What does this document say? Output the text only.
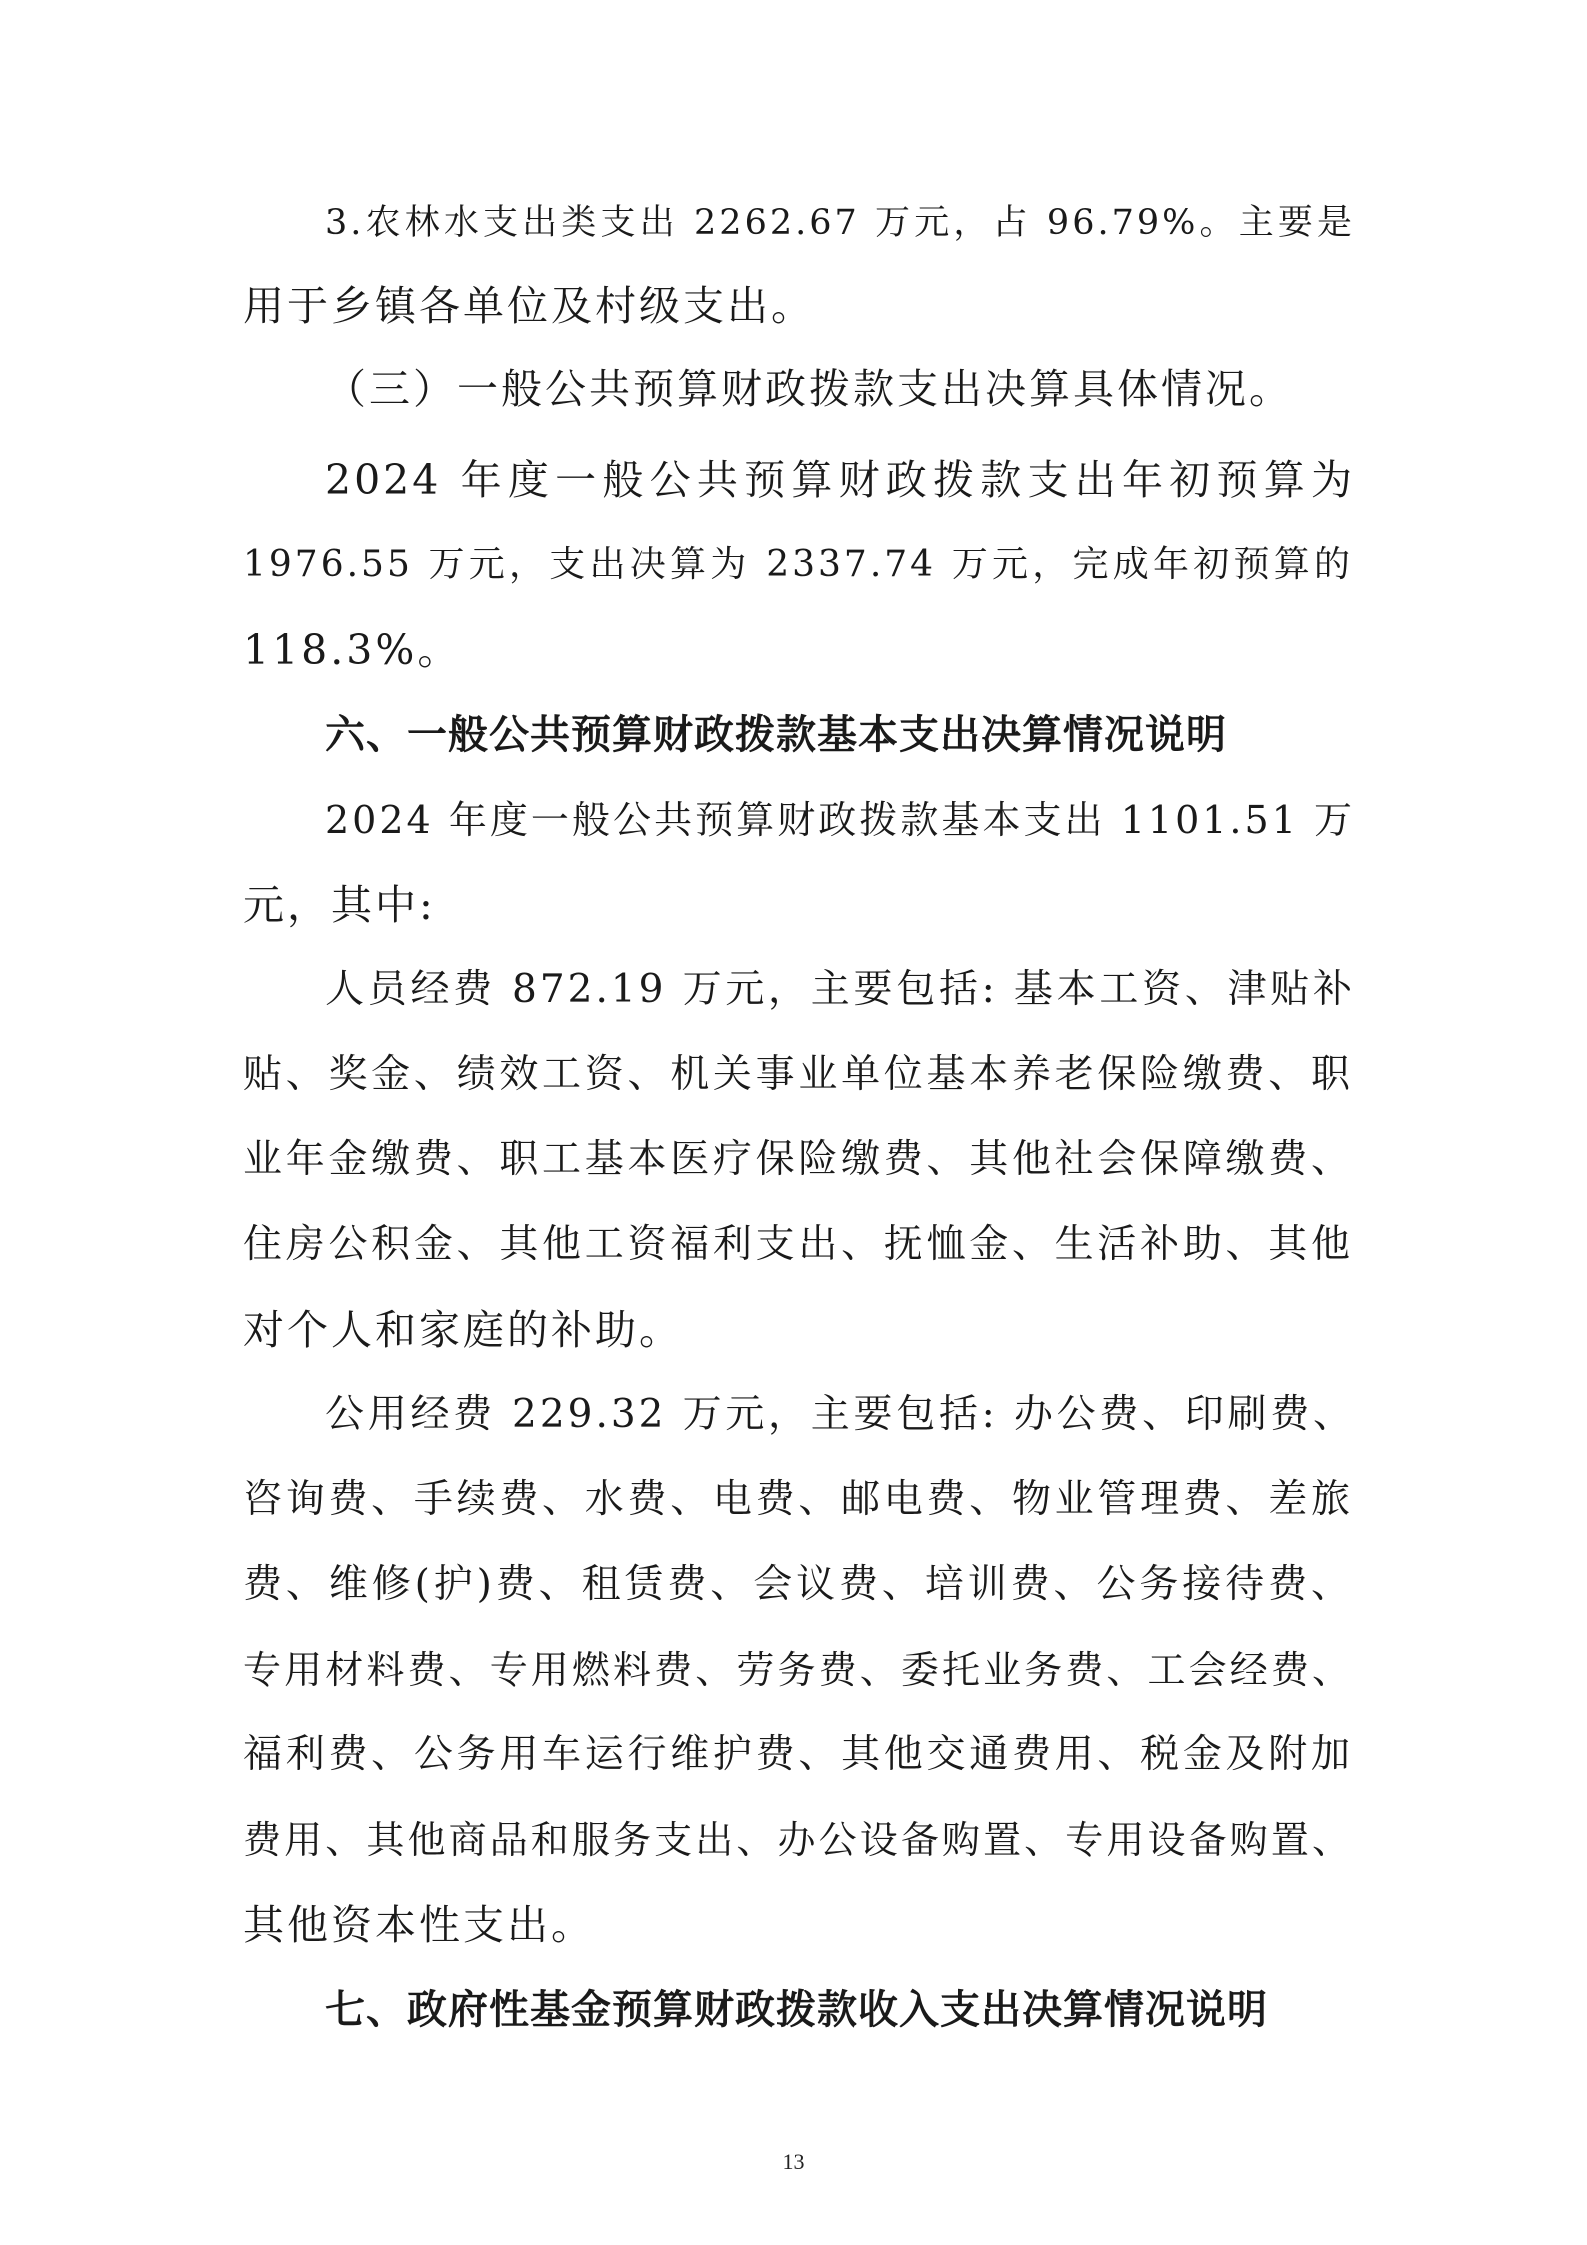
3.农林水支出类支出 2262.67 万元，占 96.79%。主要是
用于乡镇各单位及村级支出。
（三）一般公共预算财政拨款支出决算具体情况。
2024 年度一般公共预算财政拨款支出年初预算为
1976.55 万元，支出决算为 2337.74 万元，完成年初预算的
118.3%。
六、一般公共预算财政拨款基本支出决算情况说明
2024 年度一般公共预算财政拨款基本支出 1101.51 万
元，其中:
人员经费 872.19 万元，主要包括: 基本工资、津贴补
贴、奖金、绩效工资、机关事业单位基本养老保险缴费、职
业年金缴费、职工基本医疗保险缴费、其他社会保障缴费、
住房公积金、其他工资福利支出、抚恤金、生活补助、其他
对个人和家庭的补助。
公用经费 229.32 万元，主要包括: 办公费、印刷费、
咨询费、手续费、水费、电费、邮电费、物业管理费、差旅
费、维修(护)费、租赁费、会议费、培训费、公务接待费、
专用材料费、专用燃料费、劳务费、委托业务费、工会经费、
福利费、公务用车运行维护费、其他交通费用、税金及附加
费用、其他商品和服务支出、办公设备购置、专用设备购置、
其他资本性支出。
七、政府性基金预算财政拨款收入支出决算情况说明
13
